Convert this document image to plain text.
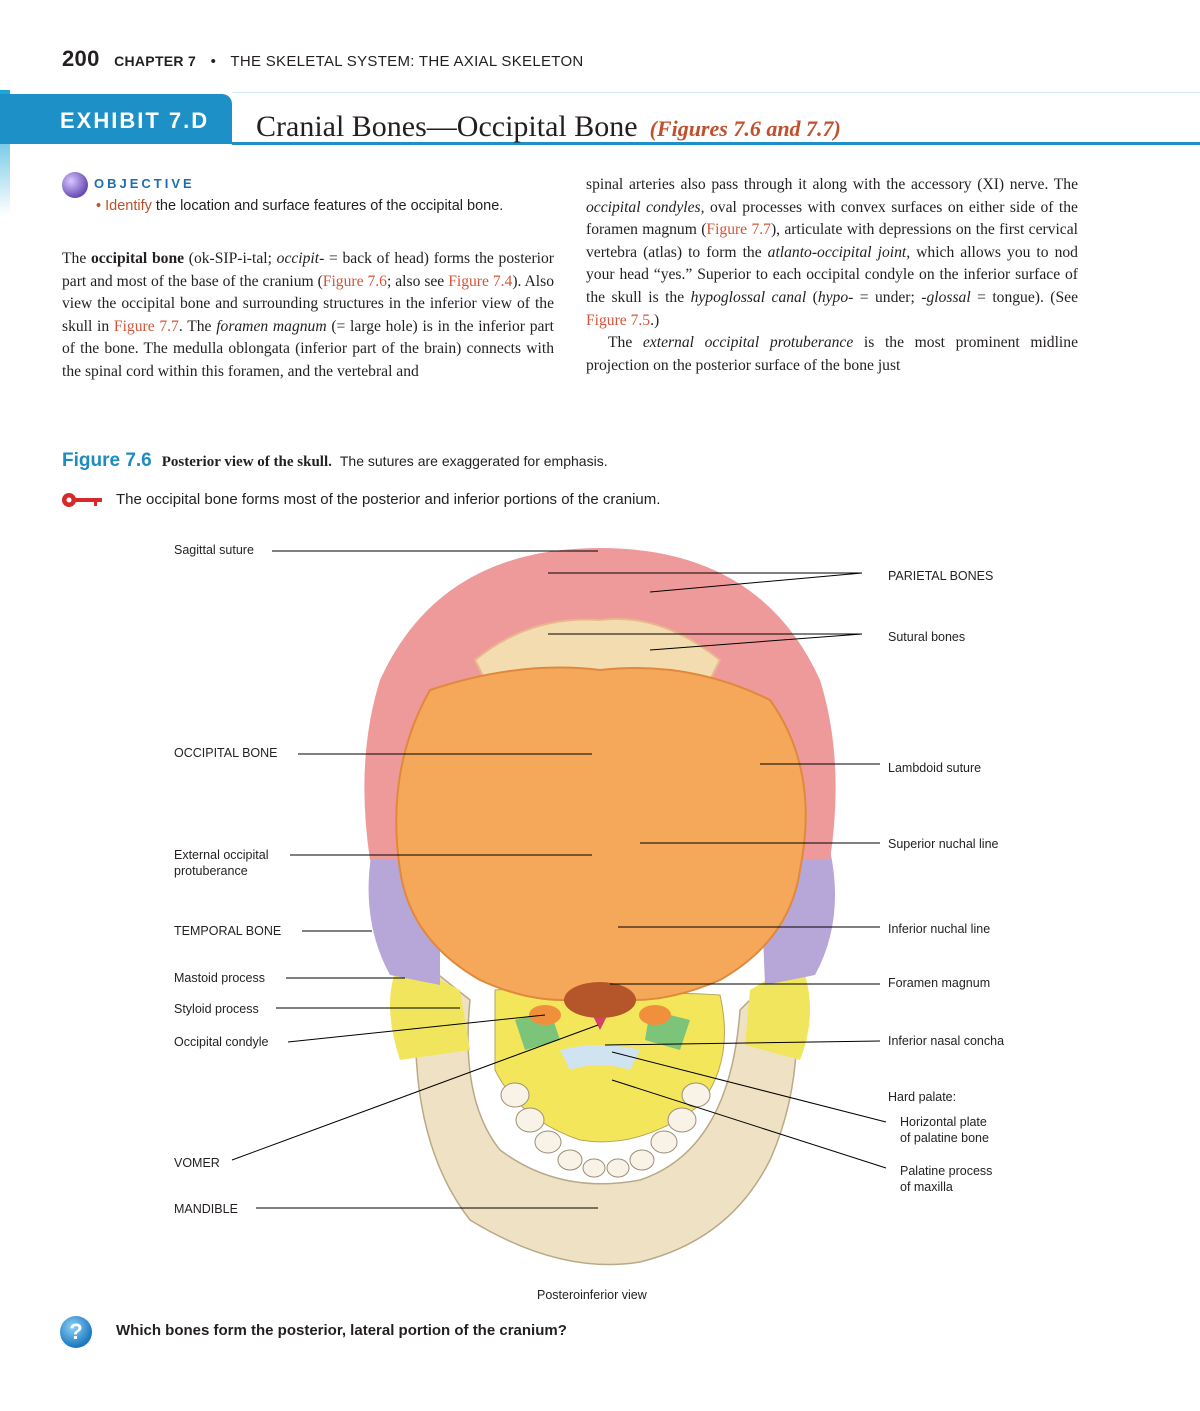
200 CHAPTER 7 • THE SKELETAL SYSTEM: THE AXIAL SKELETON
EXHIBIT 7.D Cranial Bones—Occipital Bone (Figures 7.6 and 7.7)
OBJECTIVE
• Identify the location and surface features of the occipital bone.

The occipital bone (ok-SIP-i-tal; occipit- = back of head) forms the posterior part and most of the base of the cranium (Figure 7.6; also see Figure 7.4). Also view the occipital bone and surrounding structures in the inferior view of the skull in Figure 7.7. The foramen magnum (= large hole) is in the inferior part of the bone. The medulla oblongata (inferior part of the brain) connects with the spinal cord within this foramen, and the vertebral and

spinal arteries also pass through it along with the accessory (XI) nerve. The occipital condyles, oval processes with convex surfaces on either side of the foramen magnum (Figure 7.7), articulate with depressions on the first cervical vertebra (atlas) to form the atlanto-occipital joint, which allows you to nod your head “yes.” Superior to each occipital condyle on the inferior surface of the skull is the hypoglossal canal (hypo- = under; -glossal = tongue). (See Figure 7.5.)

The external occipital protuberance is the most prominent midline projection on the posterior surface of the bone just

Figure 7.6 Posterior view of the skull. The sutures are exaggerated for emphasis.
The occipital bone forms most of the posterior and inferior portions of the cranium.
Sagittal suture
OCCIPITAL BONE
External occipital
protuberance
TEMPORAL BONE
Mastoid process
Styloid process
Occipital condyle
VOMER
MANDIBLE
PARIETAL BONES
Sutural bones
Lambdoid suture
Superior nuchal line
Inferior nuchal line
Foramen magnum
Inferior nasal concha
Hard palate:
Horizontal plate
of palatine bone
Palatine process
of maxilla
Posteroinferior view
?	Which bones form the posterior, lateral portion of the cranium?
